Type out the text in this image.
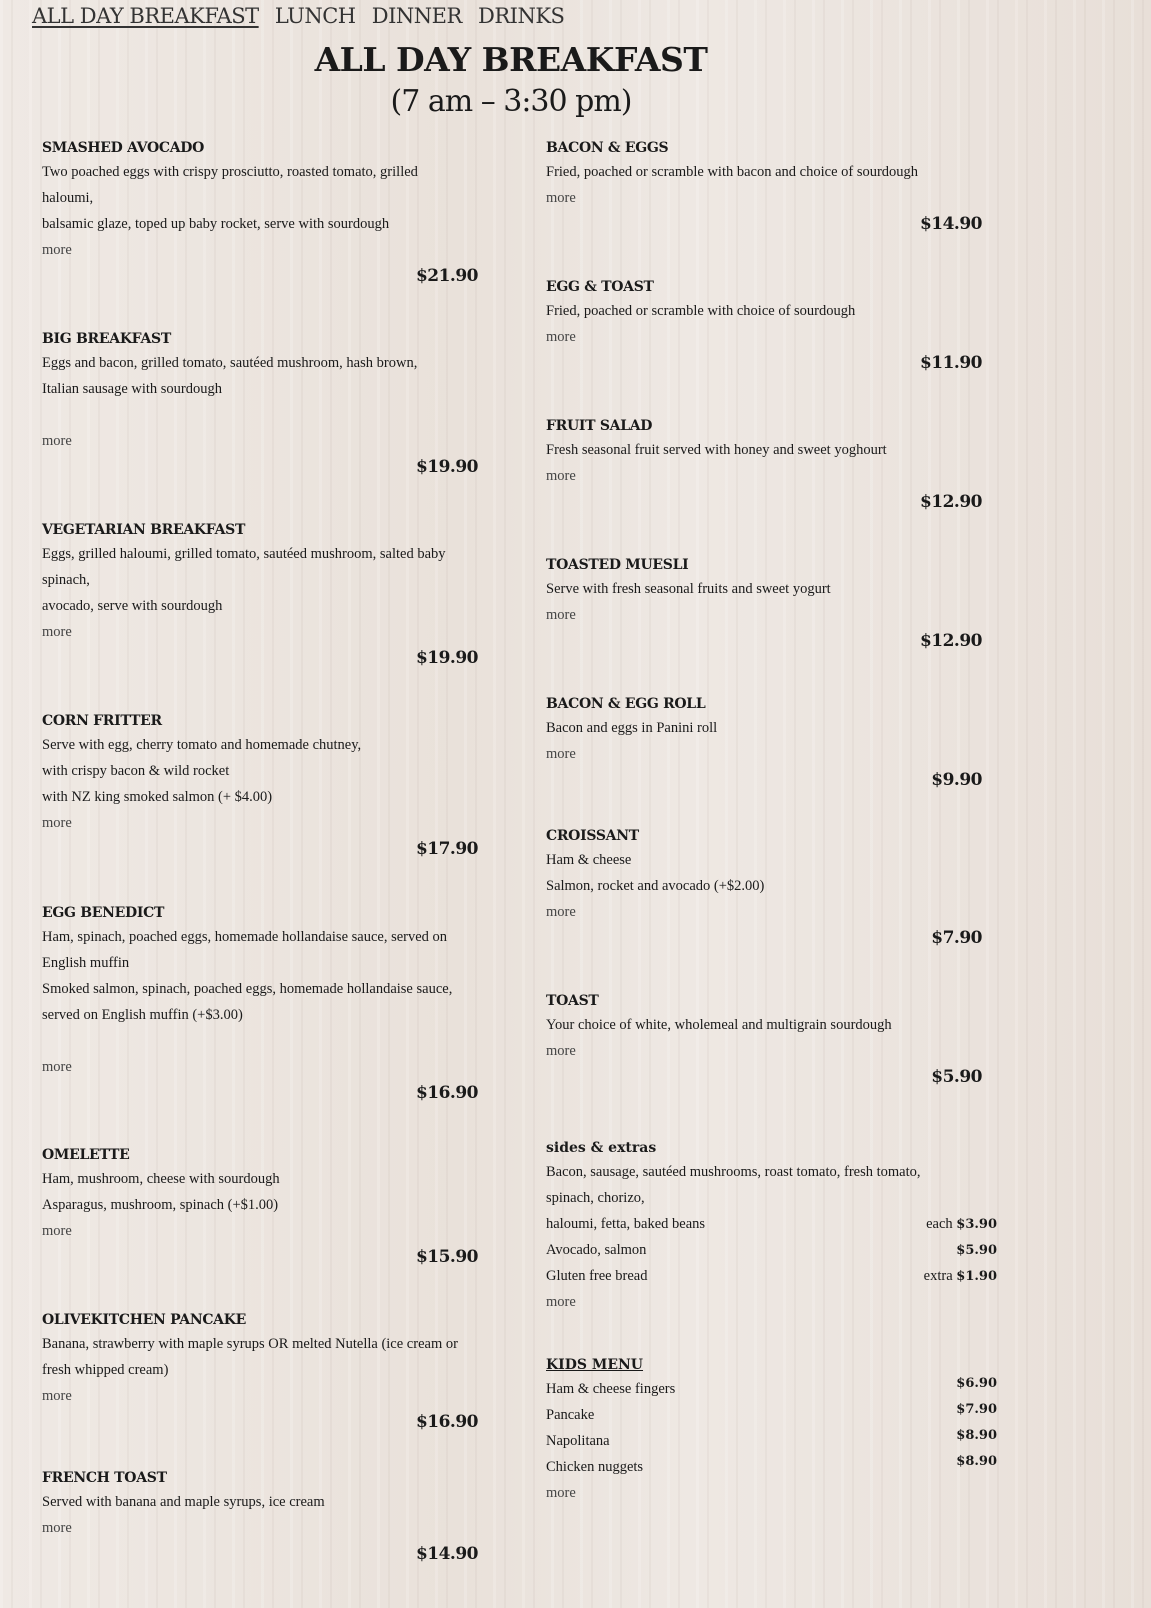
ALL DAY BREAKFAST LUNCH DINNER DRINKS
ALL DAY BREAKFAST
(7 am – 3:30 pm)
SMASHED AVOCADO
Two poached eggs with crispy prosciutto, roasted tomato, grilled
haloumi,
balsamic glaze, toped up baby rocket, serve with sourdough
more
$21.90
BIG BREAKFAST
Eggs and bacon, grilled tomato, sautéed mushroom, hash brown,
Italian sausage with sourdough
more
$19.90
VEGETARIAN BREAKFAST
Eggs, grilled haloumi, grilled tomato, sautéed mushroom, salted baby
spinach,
avocado, serve with sourdough
more
$19.90
CORN FRITTER
Serve with egg, cherry tomato and homemade chutney,
with crispy bacon & wild rocket
with NZ king smoked salmon (+ $4.00)
more
$17.90
EGG BENEDICT
Ham, spinach, poached eggs, homemade hollandaise sauce, served on
English muffin
Smoked salmon, spinach, poached eggs, homemade hollandaise sauce,
served on English muffin (+$3.00)
more
$16.90
OMELETTE
Ham, mushroom, cheese with sourdough
Asparagus, mushroom, spinach (+$1.00)
more
$15.90
OLIVEKITCHEN PANCAKE
Banana, strawberry with maple syrups OR melted Nutella (ice cream or
fresh whipped cream)
more
$16.90
FRENCH TOAST
Served with banana and maple syrups, ice cream
more
$14.90
BACON & EGGS
Fried, poached or scramble with bacon and choice of sourdough
more
$14.90
EGG & TOAST
Fried, poached or scramble with choice of sourdough
more
$11.90
FRUIT SALAD
Fresh seasonal fruit served with honey and sweet yoghourt
more
$12.90
TOASTED MUESLI
Serve with fresh seasonal fruits and sweet yogurt
more
$12.90
BACON & EGG ROLL
Bacon and eggs in Panini roll
more
$9.90
CROISSANT
Ham & cheese
Salmon, rocket and avocado (+$2.00)
more
$7.90
TOAST
Your choice of white, wholemeal and multigrain sourdough
more
$5.90
sides & extras
Bacon, sausage, sautéed mushrooms, roast tomato, fresh tomato,
spinach, chorizo,
haloumi, fetta, baked beans	each $3.90
Avocado, salmon	$5.90
Gluten free bread	extra $1.90
more
KIDS MENU
Ham & cheese fingers	$6.90
Pancake	$7.90
Napolitana	$8.90
Chicken nuggets	$8.90
more
